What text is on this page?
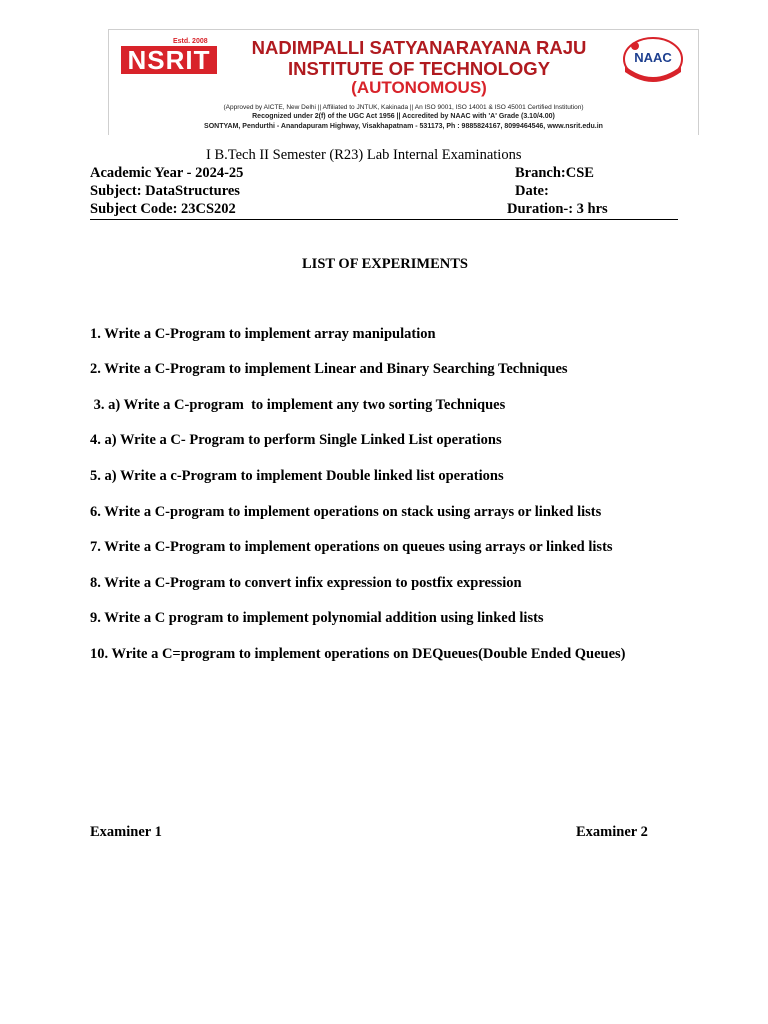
Estd. 2008
NSRIT	NADIMPALLI SATYANARAYANA RAJU
INSTITUTE OF TECHNOLOGY
(AUTONOMOUS)
NAAC
'A' GRADE
(Approved by AICTE, New Delhi || Affiliated to JNTUK, Kakinada || An ISO 9001, ISO 14001 & ISO 45001 Certified Institution)
Recognized under 2(f) of the UGC Act 1956 || Accredited by NAAC with 'A' Grade (3.10/4.00)
SONTYAM, Pendurthi - Anandapuram Highway, Visakhapatnam - 531173, Ph : 9885824167, 8099464546, www.nsrit.edu.in
I B.Tech II Semester (R23) Lab Internal Examinations
Academic Year - 2024-25	Branch:CSE
Subject: DataStructures	Date:
Subject Code: 23CS202	Duration-: 3 hrs
LIST OF EXPERIMENTS
1. Write a C-Program to implement array manipulation
2. Write a C-Program to implement Linear and Binary Searching Techniques
3. a) Write a C-program  to implement any two sorting Techniques
4. a) Write a C- Program to perform Single Linked List operations
5. a) Write a c-Program to implement Double linked list operations
6. Write a C-program to implement operations on stack using arrays or linked lists
7. Write a C-Program to implement operations on queues using arrays or linked lists
8. Write a C-Program to convert infix expression to postfix expression
9. Write a C program to implement polynomial addition using linked lists
10. Write a C=program to implement operations on DEQueues(Double Ended Queues)
Examiner 1	Examiner 2
